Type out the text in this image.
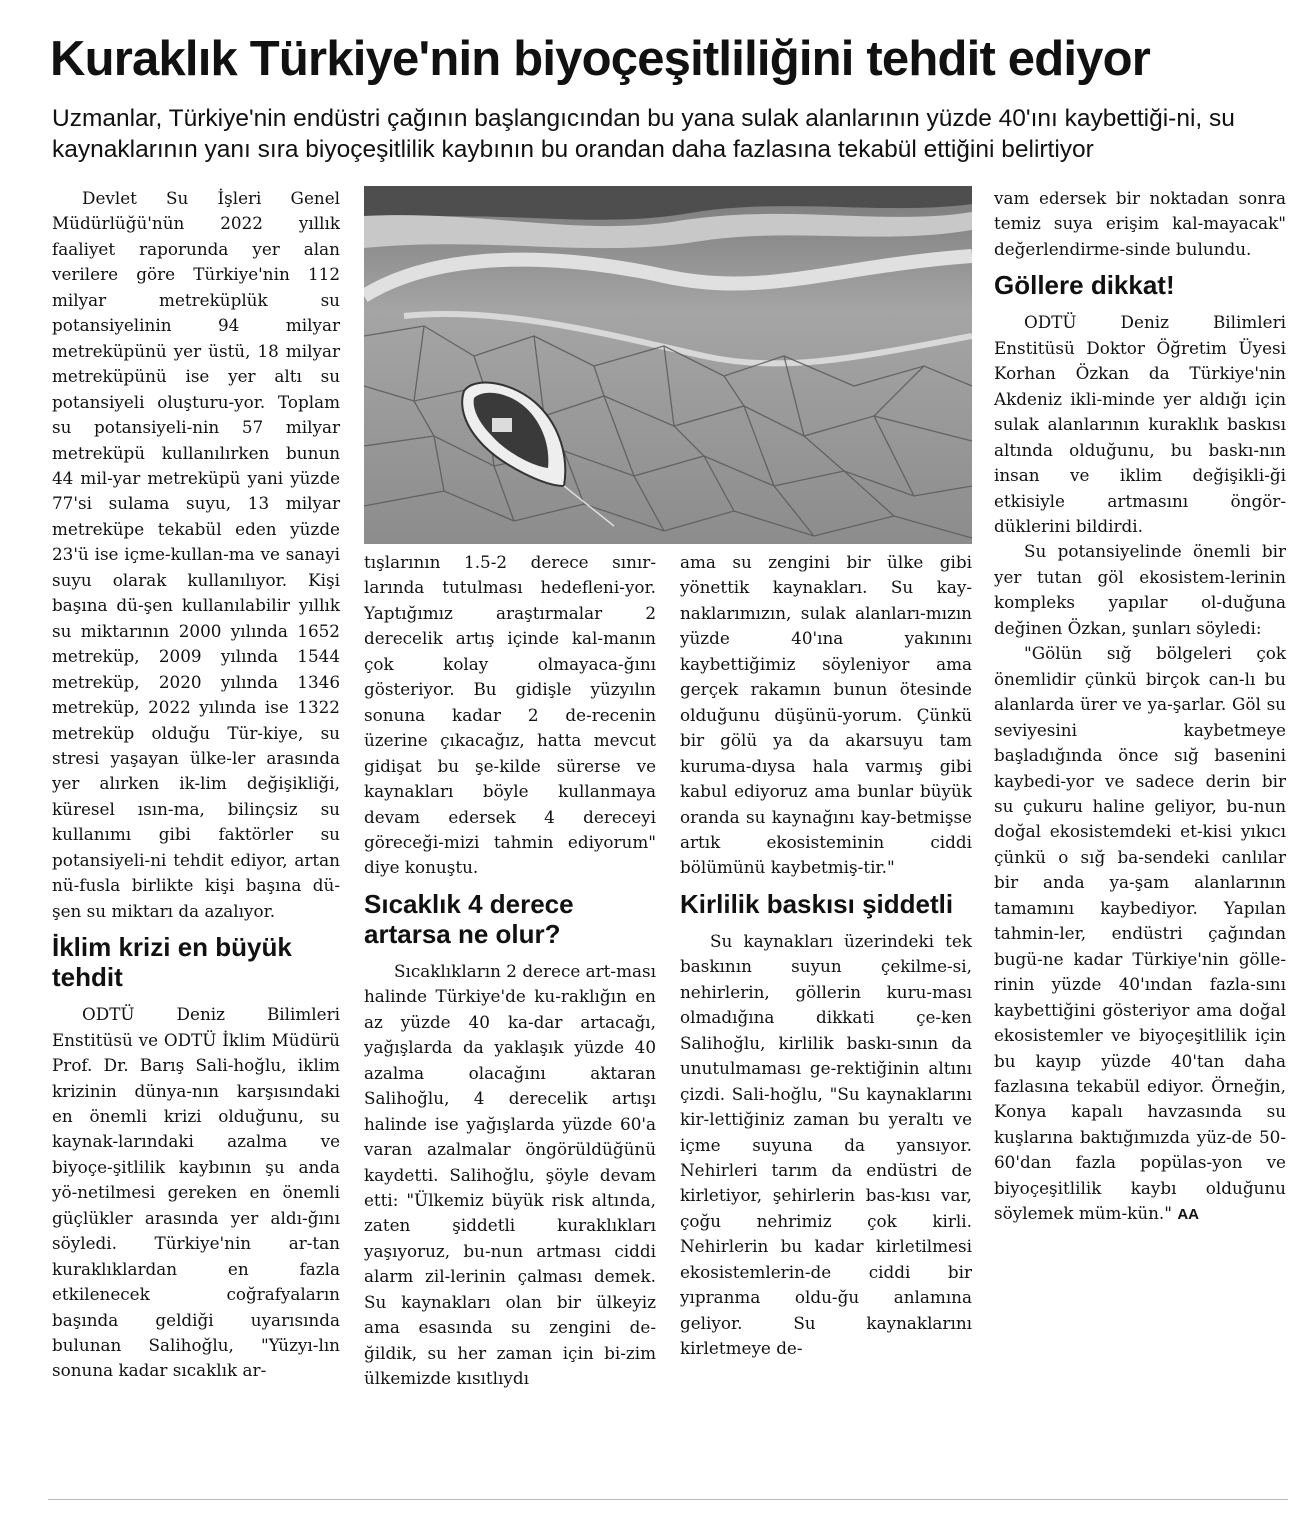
Kuraklık Türkiye'nin biyoçeşitliliğini tehdit ediyor

Uzmanlar, Türkiye'nin endüstri çağının başlangıcından bu yana sulak alanlarının yüzde 40'ını kaybettiği-ni, su kaynaklarının yanı sıra biyoçeşitlilik kaybının bu orandan daha fazlasına tekabül ettiğini belirtiyor

Devlet Su İşleri Genel Müdürlüğü'nün 2022 yıllık faaliyet raporunda yer alan verilere göre Türkiye'nin 112 milyar metreküplük su potansiyelinin 94 milyar metreküpünü yer üstü, 18 milyar metreküpünü ise yer altı su potansiyeli oluşturu-yor. Toplam su potansiyeli-nin 57 milyar metreküpü kullanılırken bunun 44 mil-yar metreküpü yani yüzde 77'si sulama suyu, 13 milyar metreküpe tekabül eden yüzde 23'ü ise içme-kullan-ma ve sanayi suyu olarak kullanılıyor. Kişi başına dü-şen kullanılabilir yıllık su miktarının 2000 yılında 1652 metreküp, 2009 yılında 1544 metreküp, 2020 yılında 1346 metreküp, 2022 yılında ise 1322 metreküp olduğu Tür-kiye, su stresi yaşayan ülke-ler arasında yer alırken ik-lim değişikliği, küresel ısın-ma, bilinçsiz su kullanımı gibi faktörler su potansiyeli-ni tehdit ediyor, artan nü-fusla birlikte kişi başına dü-şen su miktarı da azalıyor.

İklim krizi en büyük tehdit

ODTÜ Deniz Bilimleri Enstitüsü ve ODTÜ İklim Müdürü Prof. Dr. Barış Sali-hoğlu, iklim krizinin dünya-nın karşısındaki en önemli krizi olduğunu, su kaynak-larındaki azalma ve biyoçe-şitlilik kaybının şu anda yö-netilmesi gereken en önemli güçlükler arasında yer aldı-ğını söyledi. Türkiye'nin ar-tan kuraklıklardan en fazla etkilenecek coğrafyaların başında geldiği uyarısında bulunan Salihoğlu, "Yüzyı-lın sonuna kadar sıcaklık ar-

tışlarının 1.5-2 derece sınır-larında tutulması hedefleni-yor. Yaptığımız araştırmalar 2 derecelik artış içinde kal-manın çok kolay olmayaca-ğını gösteriyor. Bu gidişle yüzyılın sonuna kadar 2 de-recenin üzerine çıkacağız, hatta mevcut gidişat bu şe-kilde sürerse ve kaynakları böyle kullanmaya devam edersek 4 dereceyi göreceği-mizi tahmin ediyorum" diye konuştu.

Sıcaklık 4 derece artarsa ne olur?

Sıcaklıkların 2 derece art-ması halinde Türkiye'de ku-raklığın en az yüzde 40 ka-dar artacağı, yağışlarda da yaklaşık yüzde 40 azalma olacağını aktaran Salihoğlu, 4 derecelik artışı halinde ise yağışlarda yüzde 60'a varan azalmalar öngörüldüğünü kaydetti. Salihoğlu, şöyle devam etti: "Ülkemiz büyük risk altında, zaten şiddetli kuraklıkları yaşıyoruz, bu-nun artması ciddi alarm zil-lerinin çalması demek. Su kaynakları olan bir ülkeyiz ama esasında su zengini de-ğildik, su her zaman için bi-zim ülkemizde kısıtlıydı

ama su zengini bir ülke gibi yönettik kaynakları. Su kay-naklarımızın, sulak alanları-mızın yüzde 40'ına yakınını kaybettiğimiz söyleniyor ama gerçek rakamın bunun ötesinde olduğunu düşünü-yorum. Çünkü bir gölü ya da akarsuyu tam kuruma-dıysa hala varmış gibi kabul ediyoruz ama bunlar büyük oranda su kaynağını kay-betmişse artık ekosisteminin ciddi bölümünü kaybetmiş-tir."

Kirlilik baskısı şiddetli

Su kaynakları üzerindeki tek baskının suyun çekilme-si, nehirlerin, göllerin kuru-ması olmadığına dikkati çe-ken Salihoğlu, kirlilik baskı-sının da unutulmaması ge-rektiğinin altını çizdi. Sali-hoğlu, "Su kaynaklarını kir-lettiğiniz zaman bu yeraltı ve içme suyuna da yansıyor. Nehirleri tarım da endüstri de kirletiyor, şehirlerin bas-kısı var, çoğu nehrimiz çok kirli. Nehirlerin bu kadar kirletilmesi ekosistemlerin-de ciddi bir yıpranma oldu-ğu anlamına geliyor. Su kaynaklarını kirletmeye de-

vam edersek bir noktadan sonra temiz suya erişim kal-mayacak" değerlendirme-sinde bulundu.

Göllere dikkat!

ODTÜ Deniz Bilimleri Enstitüsü Doktor Öğretim Üyesi Korhan Özkan da Türkiye'nin Akdeniz ikli-minde yer aldığı için sulak alanlarının kuraklık baskısı altında olduğunu, bu baskı-nın insan ve iklim değişikli-ği etkisiyle artmasını öngör-düklerini bildirdi.

Su potansiyelinde önemli bir yer tutan göl ekosistem-lerinin kompleks yapılar ol-duğuna değinen Özkan, şunları söyledi:

"Gölün sığ bölgeleri çok önemlidir çünkü birçok can-lı bu alanlarda ürer ve ya-şarlar. Göl su seviyesini kaybetmeye başladığında önce sığ basenini kaybedi-yor ve sadece derin bir su çukuru haline geliyor, bu-nun doğal ekosistemdeki et-kisi yıkıcı çünkü o sığ ba-sendeki canlılar bir anda ya-şam alanlarının tamamını kaybediyor. Yapılan tahmin-ler, endüstri çağından bugü-ne kadar Türkiye'nin gölle-rinin yüzde 40'ından fazla-sını kaybettiğini gösteriyor ama doğal ekosistemler ve biyoçeşitlilik için bu kayıp yüzde 40'tan daha fazlasına tekabül ediyor. Örneğin, Konya kapalı havzasında su kuşlarına baktığımızda yüz-de 50-60'dan fazla popülas-yon ve biyoçeşitlilik kaybı olduğunu söylemek müm-kün." AA
